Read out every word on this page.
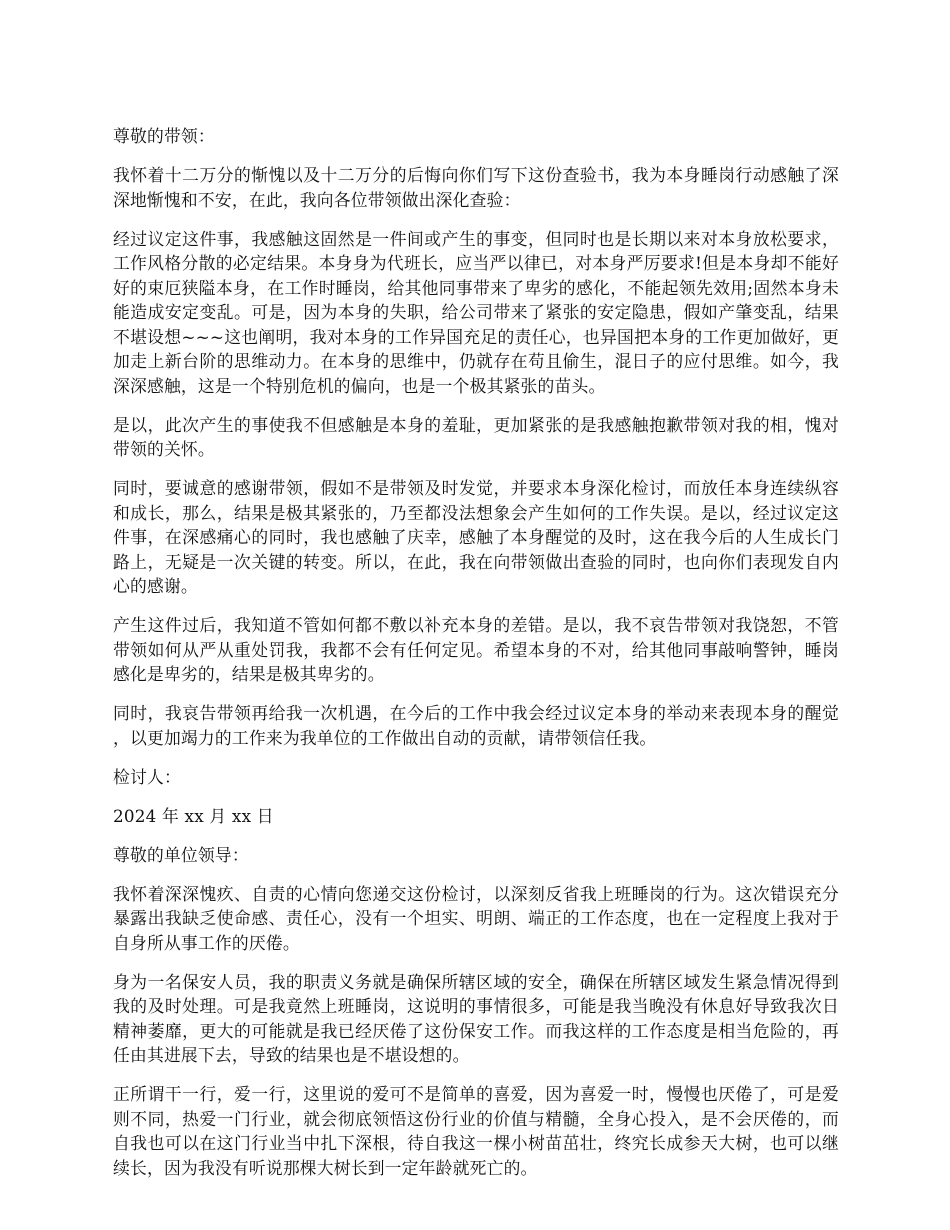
尊敬的带领：

我怀着十二万分的惭愧以及十二万分的后悔向你们写下这份查验书，我为本身睡岗行动感触了深深地惭愧和不安，在此，我向各位带领做出深化查验：

经过议定这件事，我感触这固然是一件间或产生的事变，但同时也是长期以来对本身放松要求，工作风格分散的必定结果。本身身为代班长，应当严以律已，对本身严厉要求!但是本身却不能好好的束厄狭隘本身，在工作时睡岗，给其他同事带来了卑劣的感化，不能起领先效用;固然本身未能造成安定变乱。可是，因为本身的失职，给公司带来了紧张的安定隐患，假如产肇变乱，结果不堪设想~~~这也阐明，我对本身的工作异国充足的责任心，也异国把本身的工作更加做好，更加走上新台阶的思维动力。在本身的思维中，仍就存在苟且偷生，混日子的应付思维。如今，我深深感触，这是一个特别危机的偏向，也是一个极其紧张的苗头。

是以，此次产生的事使我不但感触是本身的羞耻，更加紧张的是我感触抱歉带领对我的相，愧对带领的关怀。

同时，要诚意的感谢带领，假如不是带领及时发觉，并要求本身深化检讨，而放任本身连续纵容和成长，那么，结果是极其紧张的，乃至都没法想象会产生如何的工作失误。是以，经过议定这件事，在深感痛心的同时，我也感触了庆幸，感触了本身醒觉的及时，这在我今后的人生成长门路上，无疑是一次关键的转变。所以，在此，我在向带领做出查验的同时，也向你们表现发自内心的感谢。

产生这件过后，我知道不管如何都不敷以补充本身的差错。是以，我不哀告带领对我饶恕，不管带领如何从严从重处罚我，我都不会有任何定见。希望本身的不对，给其他同事敲响警钟，睡岗感化是卑劣的，结果是极其卑劣的。

同时，我哀告带领再给我一次机遇，在今后的工作中我会经过议定本身的举动来表现本身的醒觉，以更加竭力的工作来为我单位的工作做出自动的贡献，请带领信任我。

检讨人：

2024 年 xx 月 xx 日

尊敬的单位领导：

我怀着深深愧疚、自责的心情向您递交这份检讨，以深刻反省我上班睡岗的行为。这次错误充分暴露出我缺乏使命感、责任心，没有一个坦实、明朗、端正的工作态度，也在一定程度上我对于自身所从事工作的厌倦。

身为一名保安人员，我的职责义务就是确保所辖区域的安全，确保在所辖区域发生紧急情况得到我的及时处理。可是我竟然上班睡岗，这说明的事情很多，可能是我当晚没有休息好导致我次日精神萎靡，更大的可能就是我已经厌倦了这份保安工作。而我这样的工作态度是相当危险的，再任由其进展下去，导致的结果也是不堪设想的。

正所谓干一行，爱一行，这里说的爱可不是简单的喜爱，因为喜爱一时，慢慢也厌倦了，可是爱则不同，热爱一门行业，就会彻底领悟这份行业的价值与精髓，全身心投入，是不会厌倦的，而自我也可以在这门行业当中扎下深根，待自我这一棵小树苗茁壮，终究长成参天大树，也可以继续长，因为我没有听说那棵大树长到一定年龄就死亡的。
